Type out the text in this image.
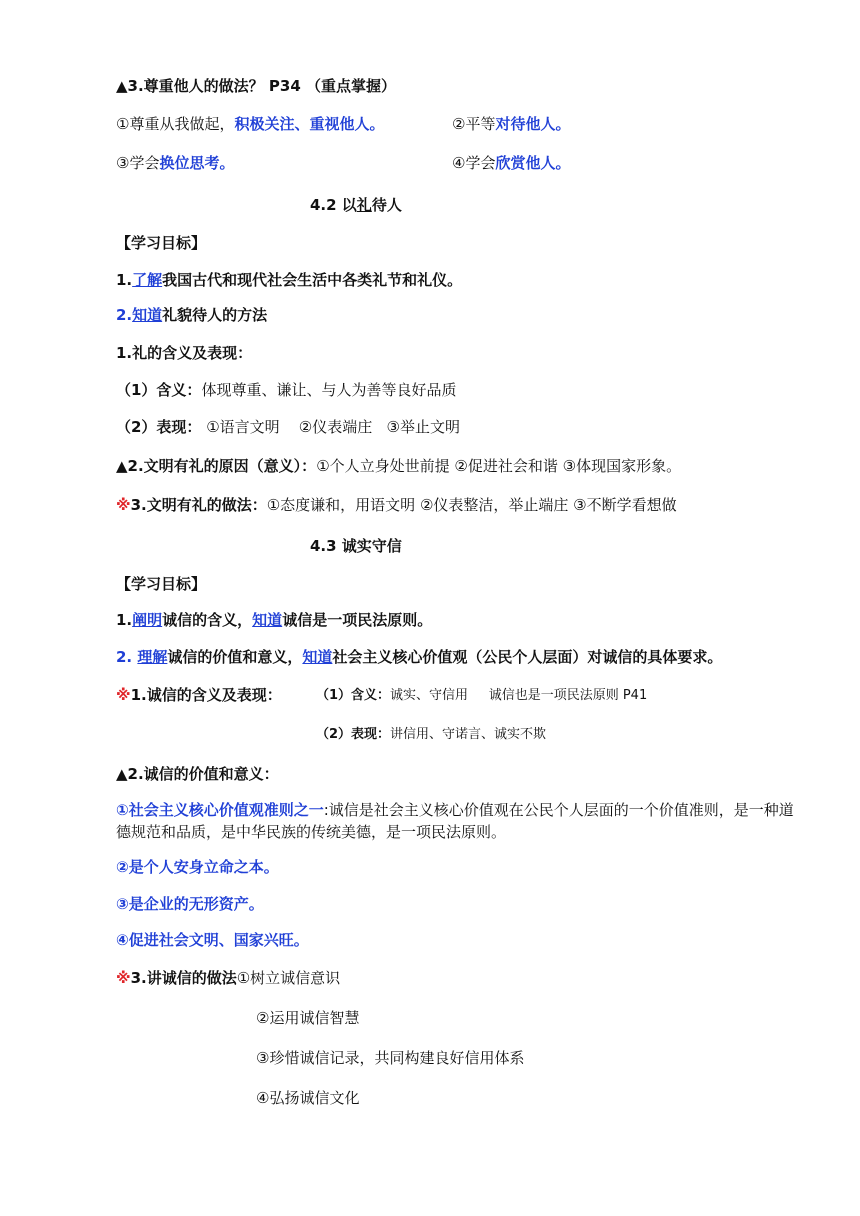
▲3.尊重他人的做法？ P34 （重点掌握）
①尊重从我做起，积极关注、重视他人。	②平等对待他人。
③学会换位思考。	④学会欣赏他人。
4.2 以礼待人
【学习目标】
1.了解我国古代和现代社会生活中各类礼节和礼仪。
2.知道礼貌待人的方法
1.礼的含义及表现：
（1）含义：体现尊重、谦让、与人为善等良好品质
（2）表现： ①语言文明    ②仪表端庄   ③举止文明
▲2.文明有礼的原因（意义）：①个人立身处世前提 ②促进社会和谐 ③体现国家形象。
※3.文明有礼的做法：①态度谦和，用语文明 ②仪表整洁，举止端庄 ③不断学看想做
4.3 诚实守信
【学习目标】
1.阐明诚信的含义，知道诚信是一项民法原则。
2. 理解诚信的价值和意义，知道社会主义核心价值观（公民个人层面）对诚信的具体要求。
※1.诚信的含义及表现：	（1）含义：诚实、守信用     诚信也是一项民法原则 P41
（2）表现：讲信用、守诺言、诚实不欺
▲2.诚信的价值和意义：
①社会主义核心价值观准则之一:诚信是社会主义核心价值观在公民个人层面的一个价值准则，是一种道德规范和品质，是中华民族的传统美德，是一项民法原则。
②是个人安身立命之本。
③是企业的无形资产。
④促进社会文明、国家兴旺。
※3.讲诚信的做法①树立诚信意识
②运用诚信智慧
③珍惜诚信记录，共同构建良好信用体系
④弘扬诚信文化
